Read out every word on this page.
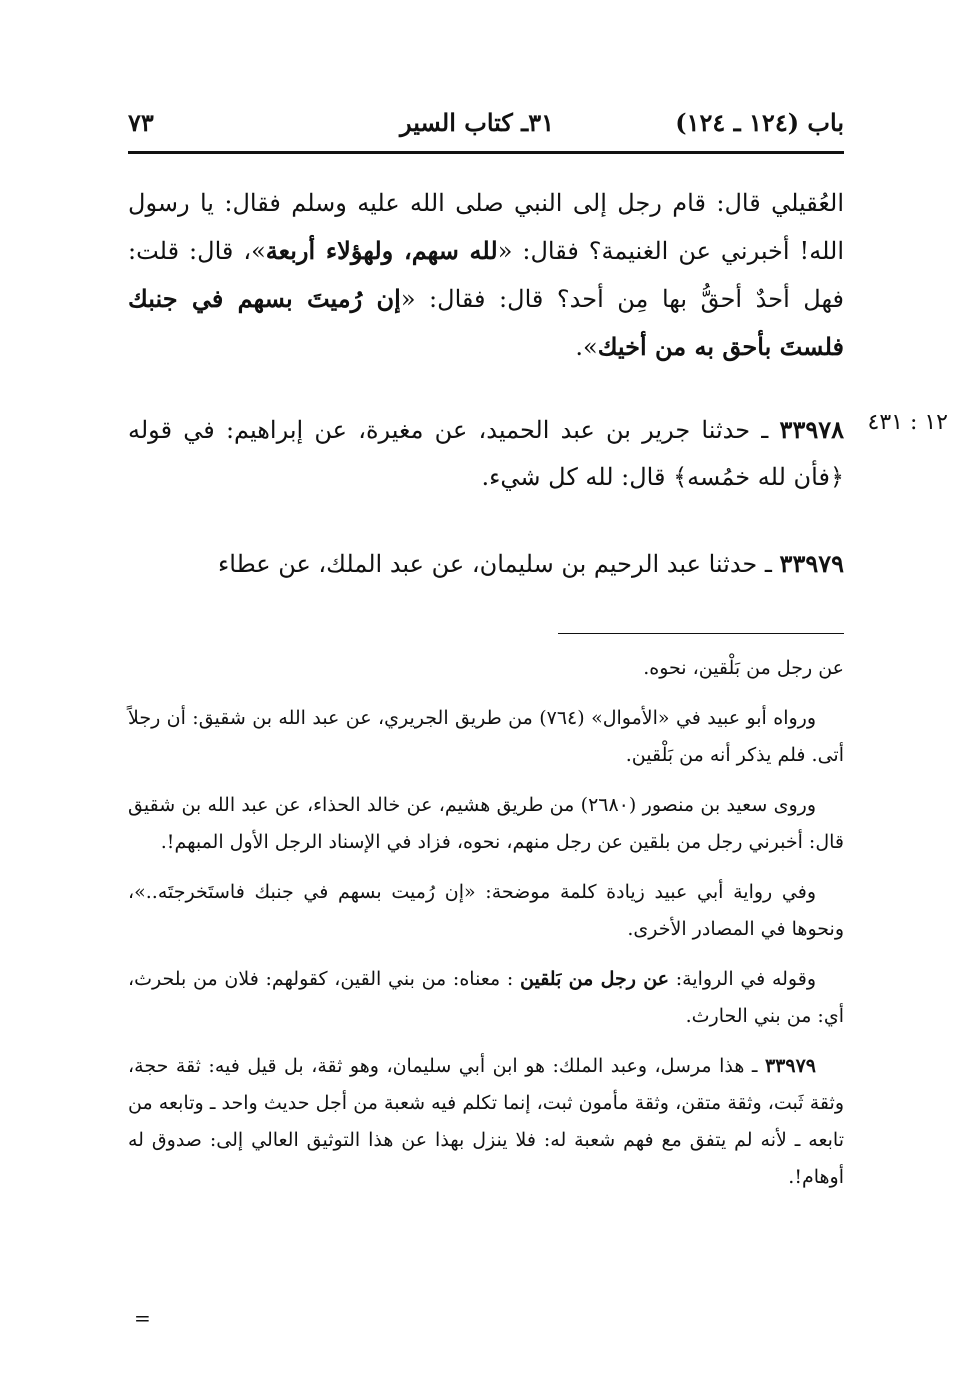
باب (١٢٤ ـ ١٢٤)
٣١ـ كتاب السير
٧٣
١٢ : ٤٣١

العُقيلي قال: قام رجل إلى النبي صلى الله عليه وسلم فقال: يا رسول الله! أخبرني عن الغنيمة؟ فقال: «لله سهم، ولهؤلاء أربعة»، قال: قلت: فهل أحدٌ أحقُّ بها مِن أحد؟ قال: فقال: «إن رُميتَ بسهم في جنبك فلستَ بأحق به من أخيك».

٣٣٩٧٨ ـ حدثنا جرير بن عبد الحميد، عن مغيرة، عن إبراهيم: في قوله ﴿فأن لله خمُسه﴾ قال: لله كل شيء.

٣٣٩٧٩ ـ حدثنا عبد الرحيم بن سليمان، عن عبد الملك، عن عطاء

عن رجل من بَلْقين، نحوه.

ورواه أبو عبيد في «الأموال» (٧٦٤) من طريق الجريري، عن عبد الله بن شقيق: أن رجلاً أتى. فلم يذكر أنه من بَلْقين.

وروى سعيد بن منصور (٢٦٨٠) من طريق هشيم، عن خالد الحذاء، عن عبد الله بن شقيق قال: أخبرني رجل من بلقين عن رجل منهم، نحوه، فزاد في الإسناد الرجل الأول المبهم!.

وفي رواية أبي عبيد زيادة كلمة موضحة: «إن رُميت بسهم في جنبك فاستَخرجتَه..»، ونحوها في المصادر الأخرى.

وقوله في الرواية: عن رجل من بَلقين : معناه: من بني القين، كقولهم: فلان من بلحرث، أي: من بني الحارث.

٣٣٩٧٩ ـ هذا مرسل، وعبد الملك: هو ابن أبي سليمان، وهو ثقة، بل قيل فيه: ثقة حجة، وثقة ثَبت، وثقة متقن، وثقة مأمون ثبت، إنما تكلم فيه شعبة من أجل حديث واحد ـ وتابعه من تابعه ـ لأنه لم يتفق مع فهم شعبة له: فلا ينزل بهذا عن هذا التوثيق العالي إلى: صدوق له أوهام!.

=
